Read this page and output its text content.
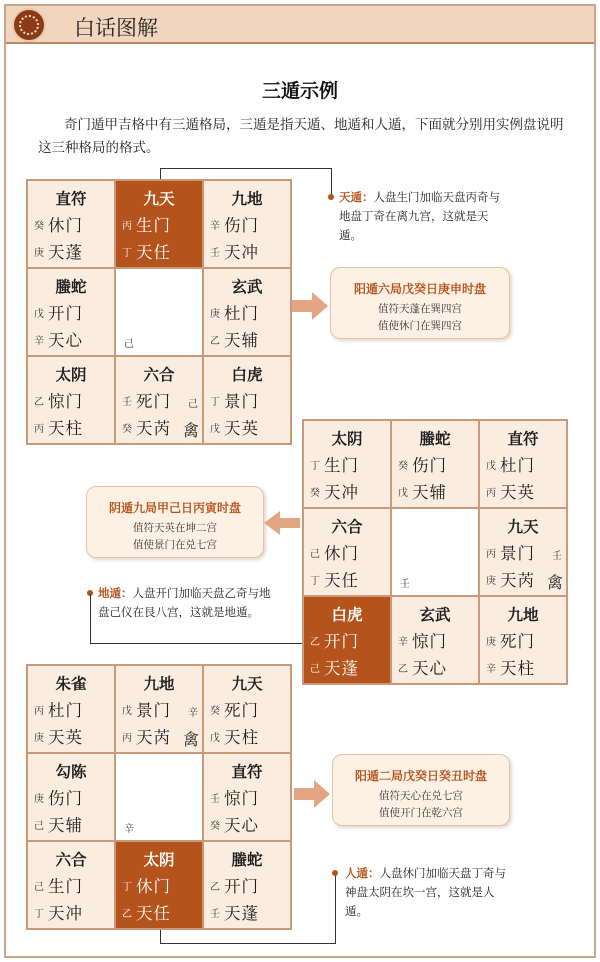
白话图解
三遁示例
奇门遁甲吉格中有三遁格局，三遁是指天遁、地遁和人遁，下面就分别用实例盘说明这三种格局的格式。
直符
癸 休门
庚 天蓬
九天
丙 生门
丁 天任
九地
辛 伤门
壬 天冲
螣蛇
戊 开门
辛 天心	己
玄武
庚 杜门
乙 天辅
太阴
乙 惊门
丙 天柱
六合
壬 死门
癸 天芮
己
禽
白虎
丁 景门
戊 天英
太阴
丁 生门
癸 天冲
螣蛇
癸 伤门
戊 天辅
直符
戊 杜门
丙 天英
六合
己 休门
丁 天任	壬
九天
丙 景门
庚 天芮
壬
禽
白虎
乙 开门
己 天蓬
玄武
辛 惊门
乙 天心
九地
庚 死门
辛 天柱
朱雀
丙 杜门
庚 天英
九地
戊 景门
丙 天芮
辛
禽
九天
癸 死门
戊 天柱
勾陈
庚 伤门
己 天辅	辛
直符
壬 惊门
癸 天心
六合
己 生门
丁 天冲
太阴
丁 休门
乙 天任
螣蛇
乙 开门
壬 天蓬
天遁：人盘生门加临天盘丙奇与地盘丁奇在离九宫，这就是天遁。
阳遁六局戊癸日庚申时盘
值符天蓬在巽四宫
值使休门在巽四宫
阴遁九局甲己日丙寅时盘
值符天英在坤二宫
值使景门在兑七宫
地遁：人盘开门加临天盘乙奇与地盘己仪在艮八宫，这就是地遁。
阳遁二局戊癸日癸丑时盘
值符天心在兑七宫
值使开门在乾六宫
人遁：人盘休门加临天盘丁奇与神盘太阴在坎一宫，这就是人遁。
